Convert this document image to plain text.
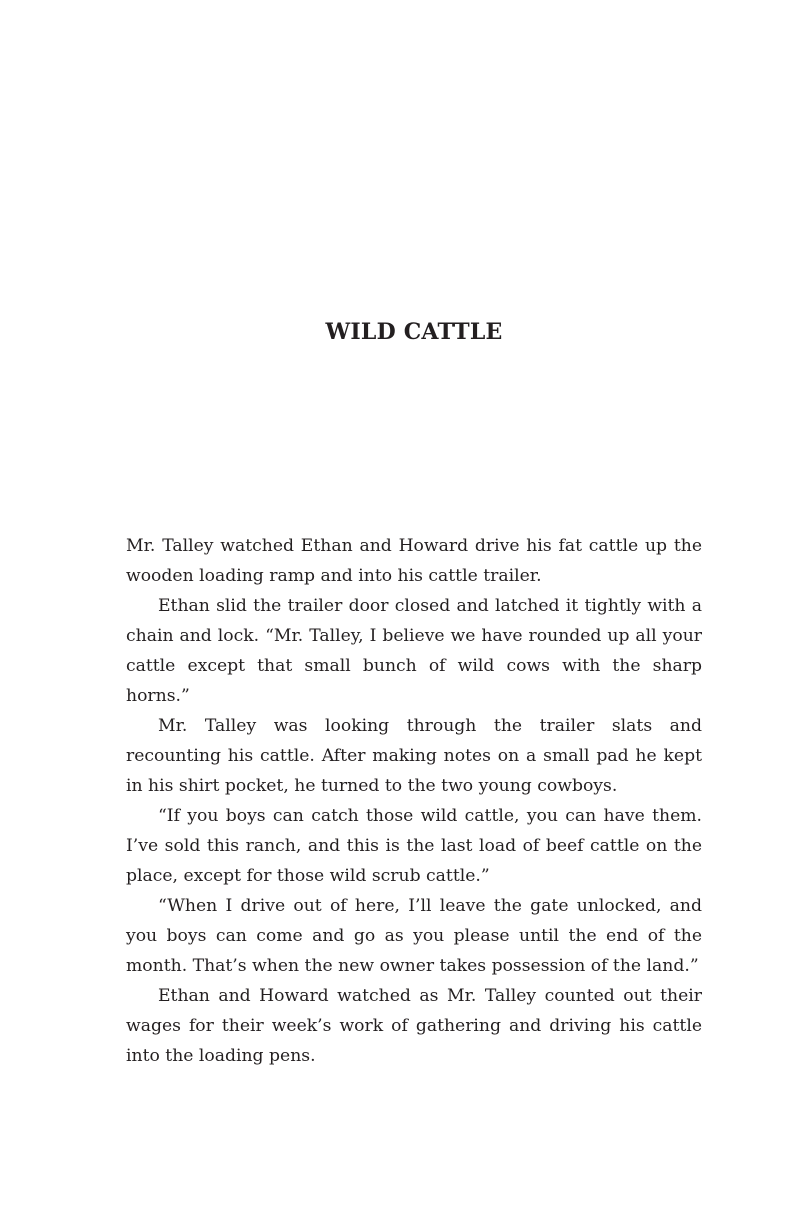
WILD CATTLE

Mr. Talley watched Ethan and Howard drive his fat cattle up the wooden loading ramp and into his cattle trailer.

Ethan slid the trailer door closed and latched it tightly with a chain and lock. “Mr. Talley, I believe we have rounded up all your cattle except that small bunch of wild cows with the sharp horns.”

Mr. Talley was looking through the trailer slats and recounting his cattle. After making notes on a small pad he kept in his shirt pocket, he turned to the two young cowboys.

“If you boys can catch those wild cattle, you can have them. I’ve sold this ranch, and this is the last load of beef cattle on the place, except for those wild scrub cattle.”

“When I drive out of here, I’ll leave the gate unlocked, and you boys can come and go as you please until the end of the month. That’s when the new owner takes possession of the land.”

Ethan and Howard watched as Mr. Talley counted out their wages for their week’s work of gathering and driving his cattle into the loading pens.
